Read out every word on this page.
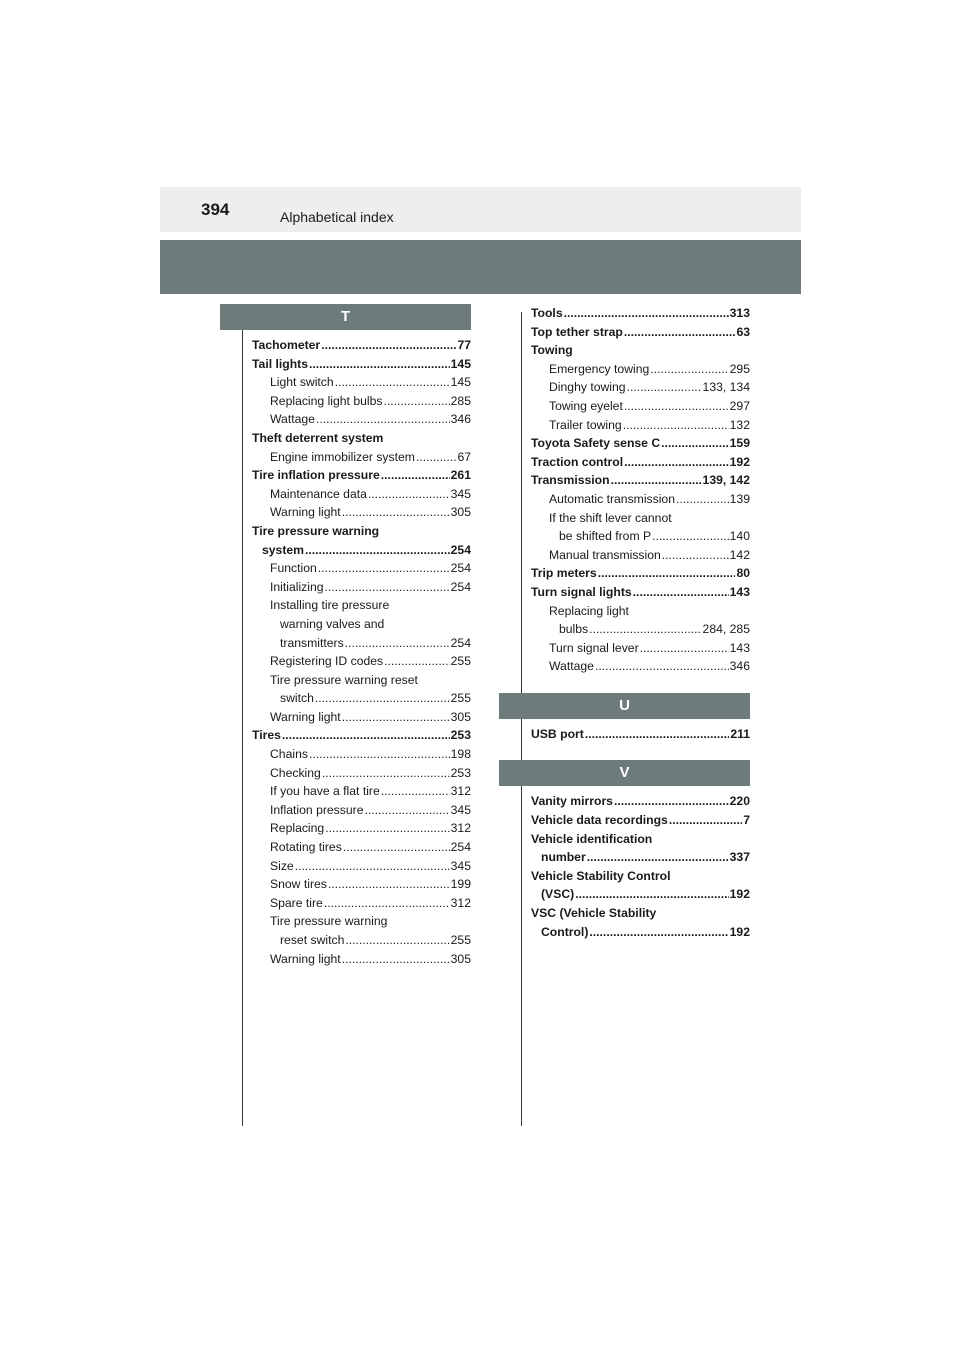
394	Alphabetical index
T
Tachometer .....	77
Tail lights .....	145
Light switch .....	145
Replacing light bulbs .....	285
Wattage .....	346
Theft deterrent system
Engine immobilizer system .....	67
Tire inflation pressure .....	261
Maintenance data .....	345
Warning light .....	305
Tire pressure warning
system .....	254
Function .....	254
Initializing .....	254
Installing tire pressure
warning valves and
transmitters .....	254
Registering ID codes .....	255
Tire pressure warning reset
switch .....	255
Warning light .....	305
Tires .....	253
Chains .....	198
Checking .....	253
If you have a flat tire .....	312
Inflation pressure .....	345
Replacing .....	312
Rotating tires .....	254
Size .....	345
Snow tires .....	199
Spare tire .....	312
Tire pressure warning
reset switch .....	255
Warning light .....	305
Tools .....	313
Top tether strap .....	63
Towing
Emergency towing .....	295
Dinghy towing .....	133, 134
Towing eyelet .....	297
Trailer towing .....	132
Toyota Safety sense C .....	159
Traction control .....	192
Transmission .....	139, 142
Automatic transmission .....	139
If the shift lever cannot
be shifted from P .....	140
Manual transmission .....	142
Trip meters .....	80
Turn signal lights .....	143
Replacing light
bulbs .....	284, 285
Turn signal lever .....	143
Wattage .....	346
U
USB port .....	211
V
Vanity mirrors .....	220
Vehicle data recordings .....	7
Vehicle identification
number .....	337
Vehicle Stability Control
(VSC) .....	192
VSC (Vehicle Stability
Control) .....	192
